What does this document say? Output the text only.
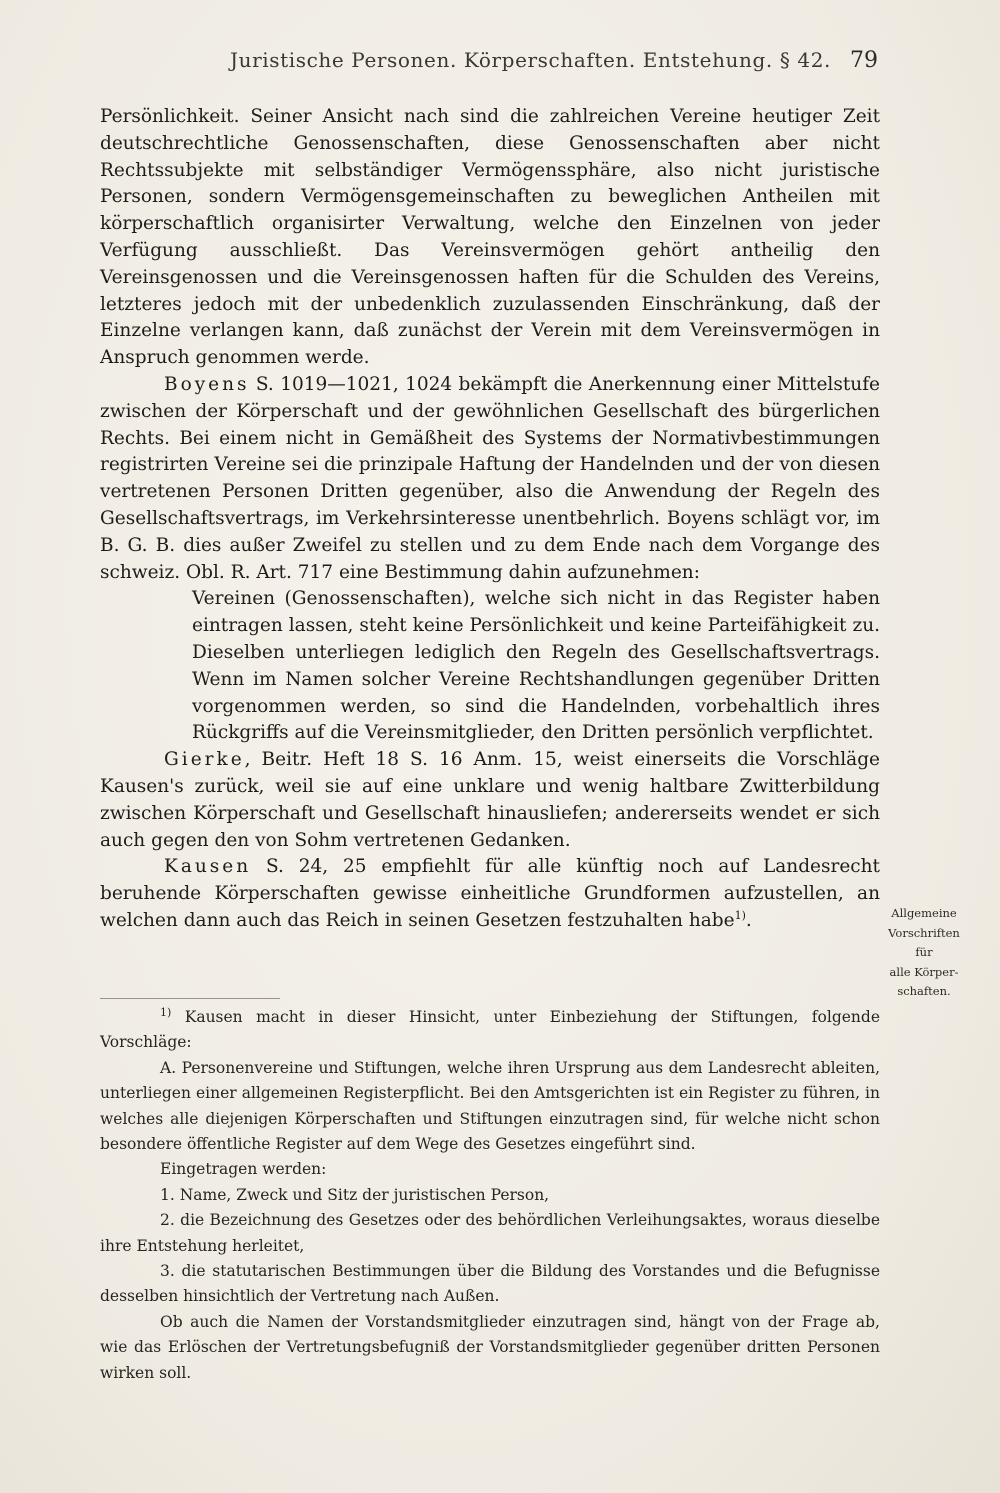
Juristische Personen. Körperschaften. Entstehung. § 42. 79

Persönlichkeit. Seiner Ansicht nach sind die zahlreichen Vereine heutiger Zeit deutschrechtliche Genossenschaften, diese Genossenschaften aber nicht Rechtssubjekte mit selbständiger Vermögenssphäre, also nicht juristische Personen, sondern Vermögensgemeinschaften zu beweglichen Antheilen mit körperschaftlich organisirter Verwaltung, welche den Einzelnen von jeder Verfügung ausschließt. Das Vereinsvermögen gehört antheilig den Vereinsgenossen und die Vereinsgenossen haften für die Schulden des Vereins, letzteres jedoch mit der unbedenklich zuzulassenden Einschränkung, daß der Einzelne verlangen kann, daß zunächst der Verein mit dem Vereinsvermögen in Anspruch genommen werde.

Boyens S. 1019—1021, 1024 bekämpft die Anerkennung einer Mittelstufe zwischen der Körperschaft und der gewöhnlichen Gesellschaft des bürgerlichen Rechts. Bei einem nicht in Gemäßheit des Systems der Normativbestimmungen registrirten Vereine sei die prinzipale Haftung der Handelnden und der von diesen vertretenen Personen Dritten gegenüber, also die Anwendung der Regeln des Gesellschaftsvertrags, im Verkehrsinteresse unentbehrlich. Boyens schlägt vor, im B. G. B. dies außer Zweifel zu stellen und zu dem Ende nach dem Vorgange des schweiz. Obl. R. Art. 717 eine Bestimmung dahin aufzunehmen:

Vereinen (Genossenschaften), welche sich nicht in das Register haben eintragen lassen, steht keine Persönlichkeit und keine Parteifähigkeit zu. Dieselben unterliegen lediglich den Regeln des Gesellschaftsvertrags. Wenn im Namen solcher Vereine Rechtshandlungen gegenüber Dritten vorgenommen werden, so sind die Handelnden, vorbehaltlich ihres Rückgriffs auf die Vereinsmitglieder, den Dritten persönlich verpflichtet.

Gierke, Beitr. Heft 18 S. 16 Anm. 15, weist einerseits die Vorschläge Kausen's zurück, weil sie auf eine unklare und wenig haltbare Zwitterbildung zwischen Körperschaft und Gesellschaft hinausliefen; andererseits wendet er sich auch gegen den von Sohm vertretenen Gedanken.

Kausen S. 24, 25 empfiehlt für alle künftig noch auf Landesrecht beruhende Körperschaften gewisse einheitliche Grundformen aufzustellen, an welchen dann auch das Reich in seinen Gesetzen festzuhalten habe$^{1)}$.	Allgemeine
Vorschriften
für
alle Körper-
schaften.

$^{1)}$ Kausen macht in dieser Hinsicht, unter Einbeziehung der Stiftungen, folgende Vorschläge:

A. Personenvereine und Stiftungen, welche ihren Ursprung aus dem Landesrecht ableiten, unterliegen einer allgemeinen Registerpflicht. Bei den Amtsgerichten ist ein Register zu führen, in welches alle diejenigen Körperschaften und Stiftungen einzutragen sind, für welche nicht schon besondere öffentliche Register auf dem Wege des Gesetzes eingeführt sind.

Eingetragen werden:

1. Name, Zweck und Sitz der juristischen Person,

2. die Bezeichnung des Gesetzes oder des behördlichen Verleihungsaktes, woraus dieselbe ihre Entstehung herleitet,

3. die statutarischen Bestimmungen über die Bildung des Vorstandes und die Befugnisse desselben hinsichtlich der Vertretung nach Außen.

Ob auch die Namen der Vorstandsmitglieder einzutragen sind, hängt von der Frage ab, wie das Erlöschen der Vertretungsbefugniß der Vorstandsmitglieder gegenüber dritten Personen wirken soll.
